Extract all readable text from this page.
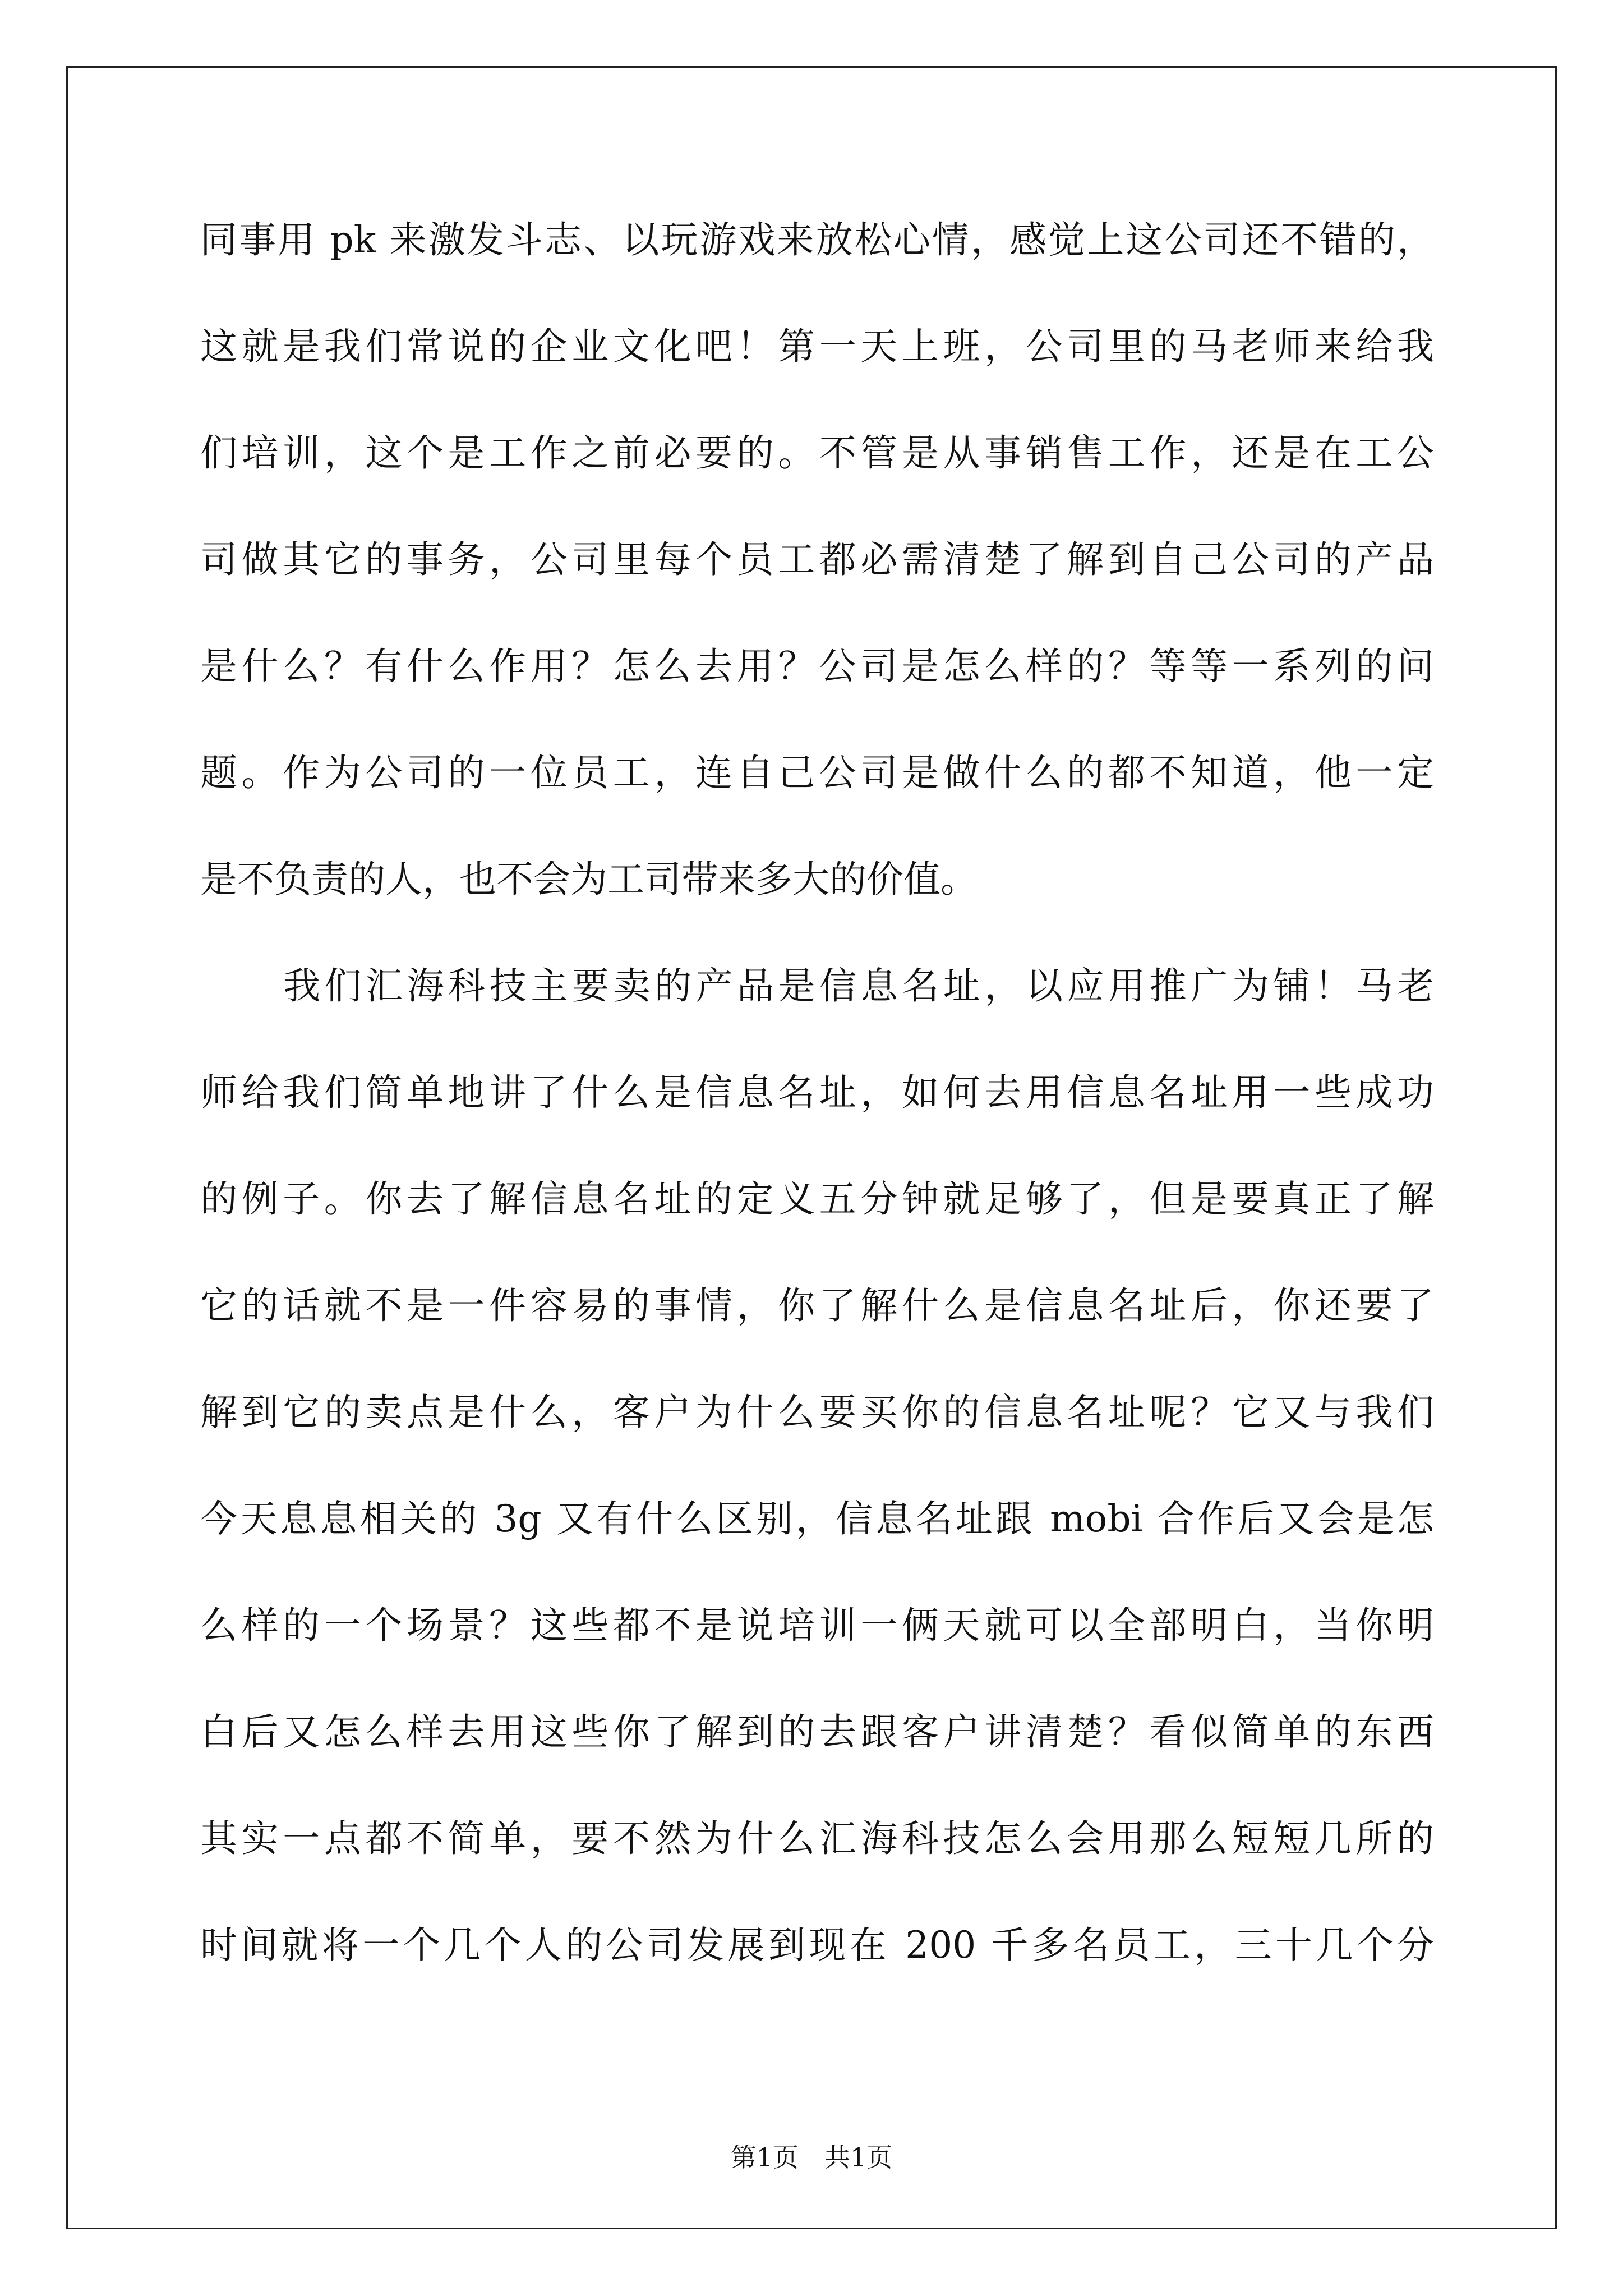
同事用 pk 来激发斗志、以玩游戏来放松心情，感觉上这公司还不错的，
这就是我们常说的企业文化吧！第一天上班，公司里的马老师来给我
们培训，这个是工作之前必要的。不管是从事销售工作，还是在工公
司做其它的事务，公司里每个员工都必需清楚了解到自己公司的产品
是什么？有什么作用？怎么去用？公司是怎么样的？等等一系列的问
题。作为公司的一位员工，连自己公司是做什么的都不知道，他一定
是不负责的人，也不会为工司带来多大的价值。
我们汇海科技主要卖的产品是信息名址，以应用推广为铺！马老
师给我们简单地讲了什么是信息名址，如何去用信息名址用一些成功
的例子。你去了解信息名址的定义五分钟就足够了，但是要真正了解
它的话就不是一件容易的事情，你了解什么是信息名址后，你还要了
解到它的卖点是什么，客户为什么要买你的信息名址呢？它又与我们
今天息息相关的 3g 又有什么区别，信息名址跟 mobi 合作后又会是怎
么样的一个场景？这些都不是说培训一俩天就可以全部明白，当你明
白后又怎么样去用这些你了解到的去跟客户讲清楚？看似简单的东西
其实一点都不简单，要不然为什么汇海科技怎么会用那么短短几所的
时间就将一个几个人的公司发展到现在 200 千多名员工，三十几个分
第1页　共1页
